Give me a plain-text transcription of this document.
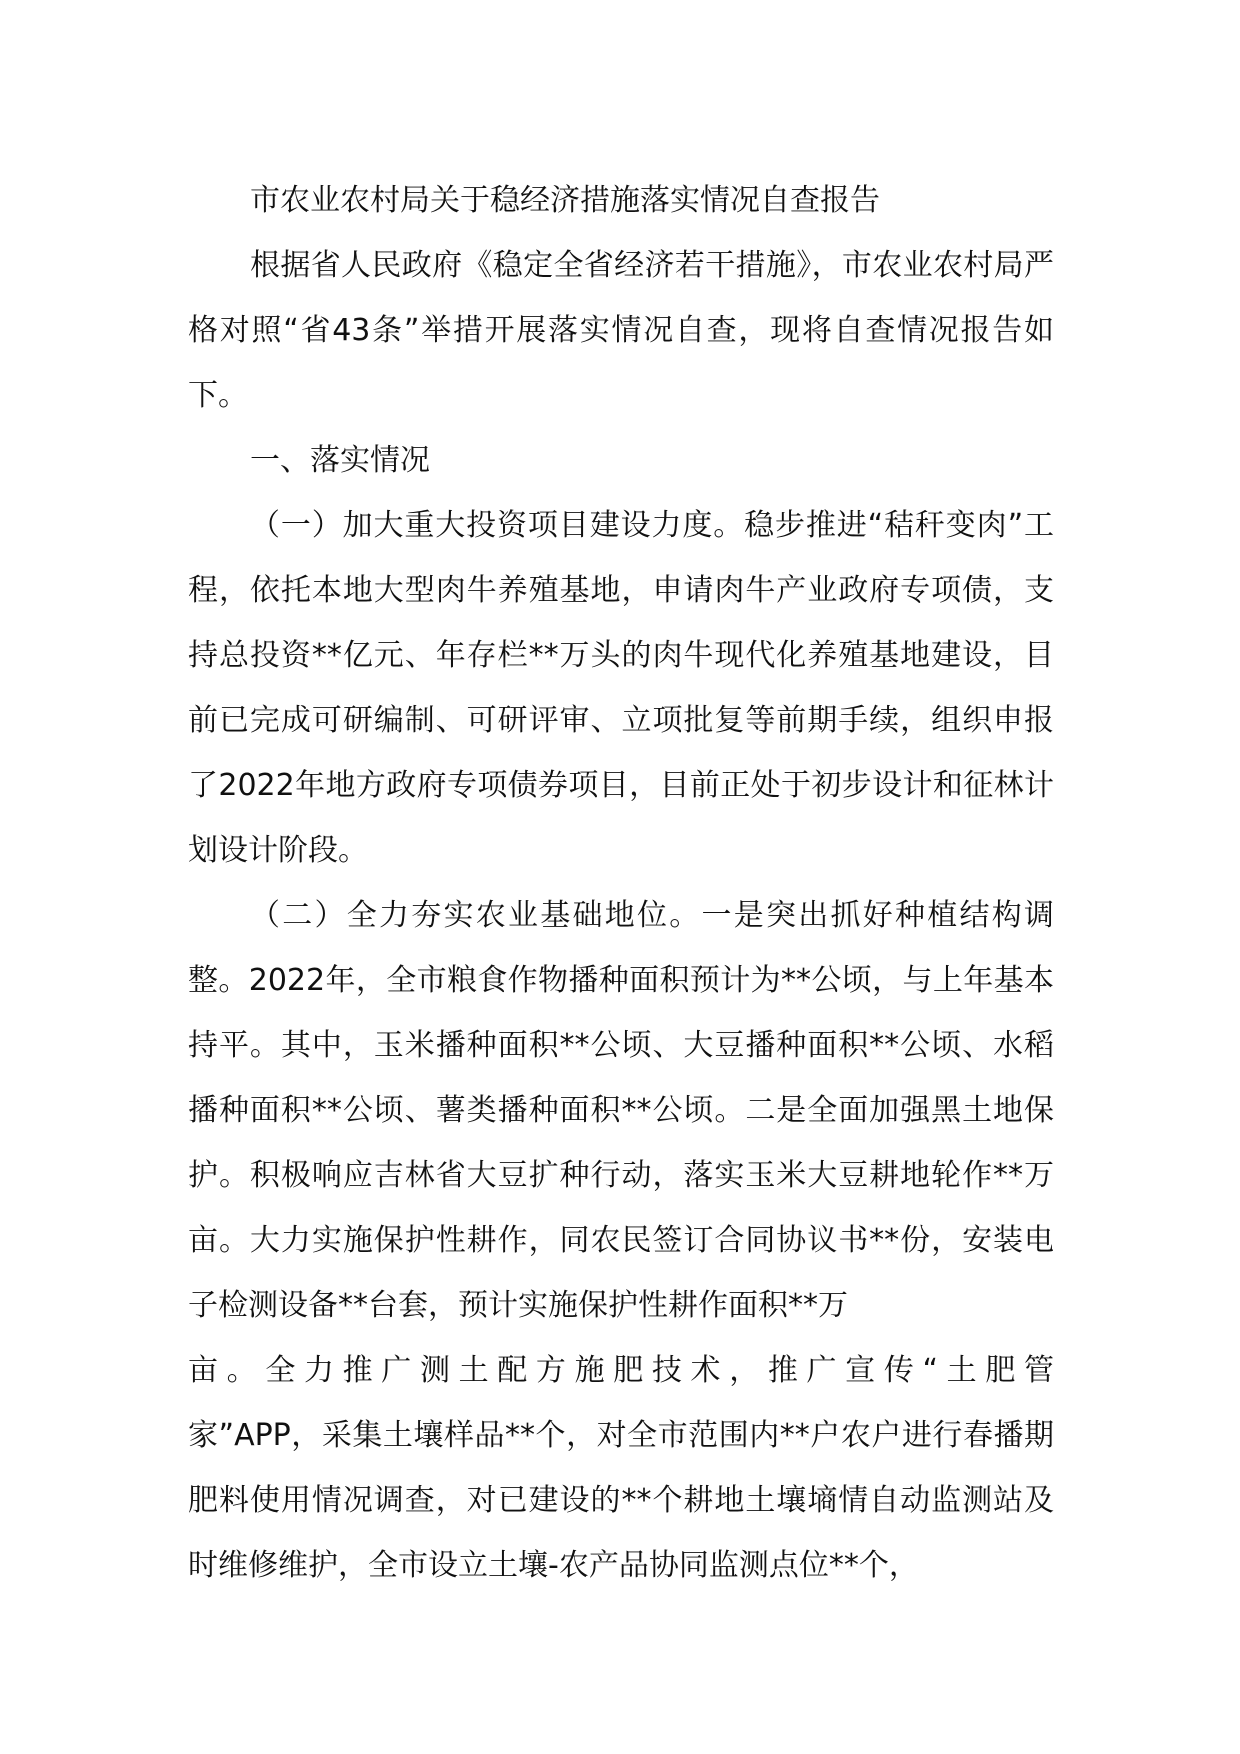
市农业农村局关于稳经济措施落实情况自查报告

根据省人民政府《稳定全省经济若干措施》，市农业农村局严格对照“省43条”举措开展落实情况自查，现将自查情况报告如下。

一、落实情况

（一）加大重大投资项目建设力度。稳步推进“秸秆变肉”工程，依托本地大型肉牛养殖基地，申请肉牛产业政府专项债，支持总投资**亿元、年存栏**万头的肉牛现代化养殖基地建设，目前已完成可研编制、可研评审、立项批复等前期手续，组织申报了2022年地方政府专项债券项目，目前正处于初步设计和征林计划设计阶段。

（二）全力夯实农业基础地位。一是突出抓好种植结构调整。2022年，全市粮食作物播种面积预计为**公顷，与上年基本持平。其中，玉米播种面积**公顷、大豆播种面积**公顷、水稻播种面积**公顷、薯类播种面积**公顷。二是全面加强黑土地保护。积极响应吉林省大豆扩种行动，落实玉米大豆耕地轮作**万亩。大力实施保护性耕作，同农民签订合同协议书**份，安装电子检测设备**台套，预计实施保护性耕作面积**万

亩。全力推广测土配方施肥技术，推广宣传“土肥管

家”APP，采集土壤样品**个，对全市范围内**户农户进行春播期肥料使用情况调查，对已建设的**个耕地土壤墒情自动监测站及时维修维护，全市设立土壤-农产品协同监测点位**个，
